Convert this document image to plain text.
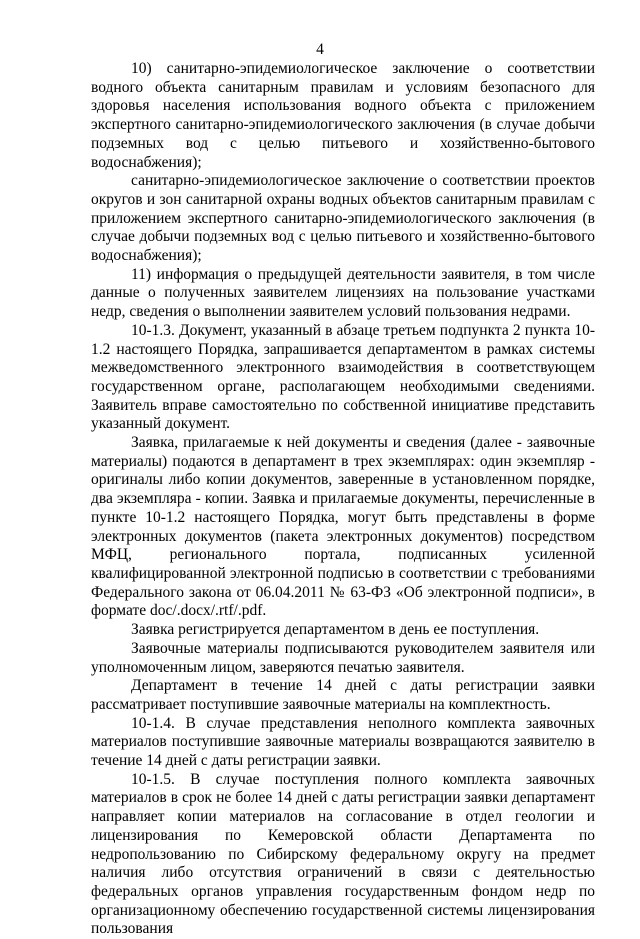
4

10) санитарно-эпидемиологическое заключение о соответствии водного объекта санитарным правилам и условиям безопасного для здоровья населения использования водного объекта с приложением экспертного санитарно-эпидемиологического заключения (в случае добычи подземных вод с целью питьевого и хозяйственно-бытового водоснабжения);

санитарно-эпидемиологическое заключение о соответствии проектов округов и зон санитарной охраны водных объектов санитарным правилам с приложением экспертного санитарно-эпидемиологического заключения (в случае добычи подземных вод с целью питьевого и хозяйственно-бытового водоснабжения);

11) информация о предыдущей деятельности заявителя, в том числе данные о полученных заявителем лицензиях на пользование участками недр, сведения о выполнении заявителем условий пользования недрами.

10-1.3. Документ, указанный в абзаце третьем подпункта 2 пункта 10-1.2 настоящего Порядка, запрашивается департаментом в рамках системы межведомственного электронного взаимодействия в соответствующем государственном органе, располагающем необходимыми сведениями. Заявитель вправе самостоятельно по собственной инициативе представить указанный документ.

Заявка, прилагаемые к ней документы и сведения (далее - заявочные материалы) подаются в департамент в трех экземплярах: один экземпляр - оригиналы либо копии документов, заверенные в установленном порядке, два экземпляра - копии. Заявка и прилагаемые документы, перечисленные в пункте 10-1.2 настоящего Порядка, могут быть представлены в форме электронных документов (пакета электронных документов) посредством МФЦ, регионального портала, подписанных усиленной квалифицированной электронной подписью в соответствии с требованиями Федерального закона от 06.04.2011 № 63-ФЗ «Об электронной подписи», в формате doc/.docx/.rtf/.pdf.

Заявка регистрируется департаментом в день ее поступления.

Заявочные материалы подписываются руководителем заявителя или уполномоченным лицом, заверяются печатью заявителя.

Департамент в течение 14 дней с даты регистрации заявки рассматривает поступившие заявочные материалы на комплектность.

10-1.4. В случае представления неполного комплекта заявочных материалов поступившие заявочные материалы возвращаются заявителю в течение 14 дней с даты регистрации заявки.

10-1.5. В случае поступления полного комплекта заявочных материалов в срок не более 14 дней с даты регистрации заявки департамент направляет копии материалов на согласование в отдел геологии и лицензирования по Кемеровской области Департамента по недропользованию по Сибирскому федеральному округу на предмет наличия либо отсутствия ограничений в связи с деятельностью федеральных органов управления государственным фондом недр по организационному обеспечению государственной системы лицензирования пользования
